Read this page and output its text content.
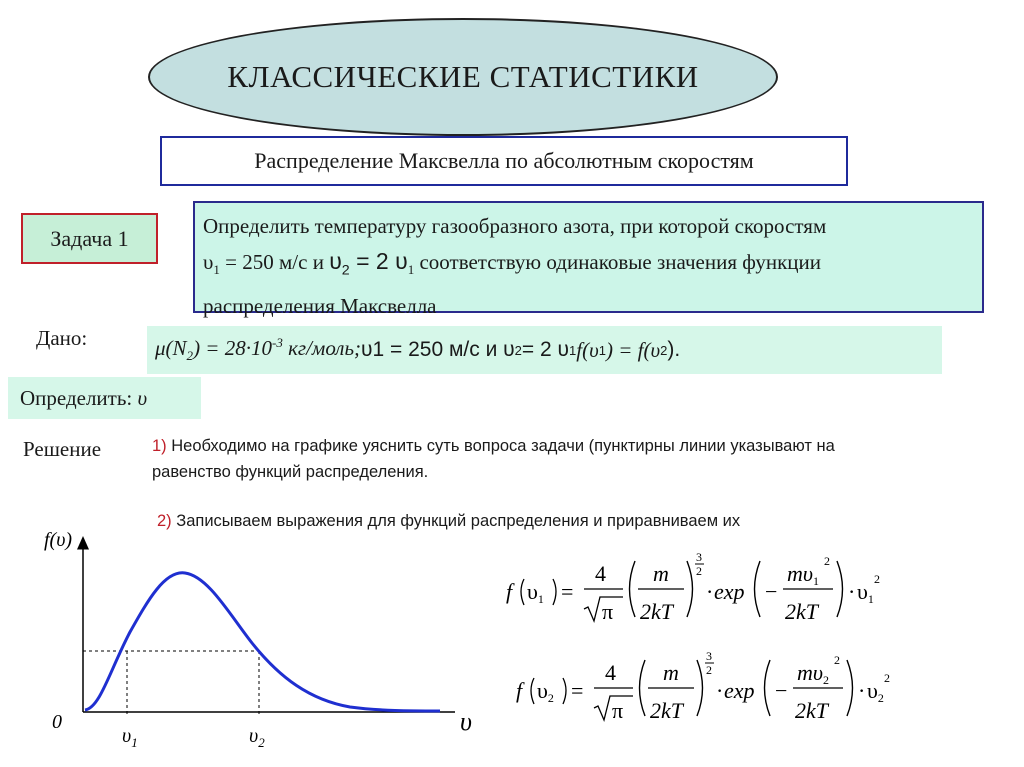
КЛАССИЧЕСКИЕ СТАТИСТИКИ
Распределение Максвелла по абсолютным скоростям
Задача 1	Определить температуру газообразного азота, при которой скоростям
$\upsilon_1 = 250$ м/с и $\upsilon_2 = 2$ $\upsilon_1$ соответствую одинаковые значения функции
распределения Максвелла
Дано:	$\mu(N_2) = 28\cdot 10^{-3}$ кг/моль; υ1 = 250 м/с и υ 2 = 2 υ 1 f(υ 1 ) = f(υ 2 ).
Определить:
υ
Решение	1) Необходимо на графике уяснить суть вопроса задачи (пунктирны линии указывают на равенство функций распределения.
2) Записываем выражения для функций распределения и приравниваем их
f(υ)
0	υ
$\upsilon_1$	$\upsilon_2$
f υ1 =
4
π
m
2kT
3
2
· exp −
mυ1
2
2kT
· υ1
2
f υ2 =
4
π
m
2kT
3
2
· exp −
mυ2
2
2kT
· υ2
2
